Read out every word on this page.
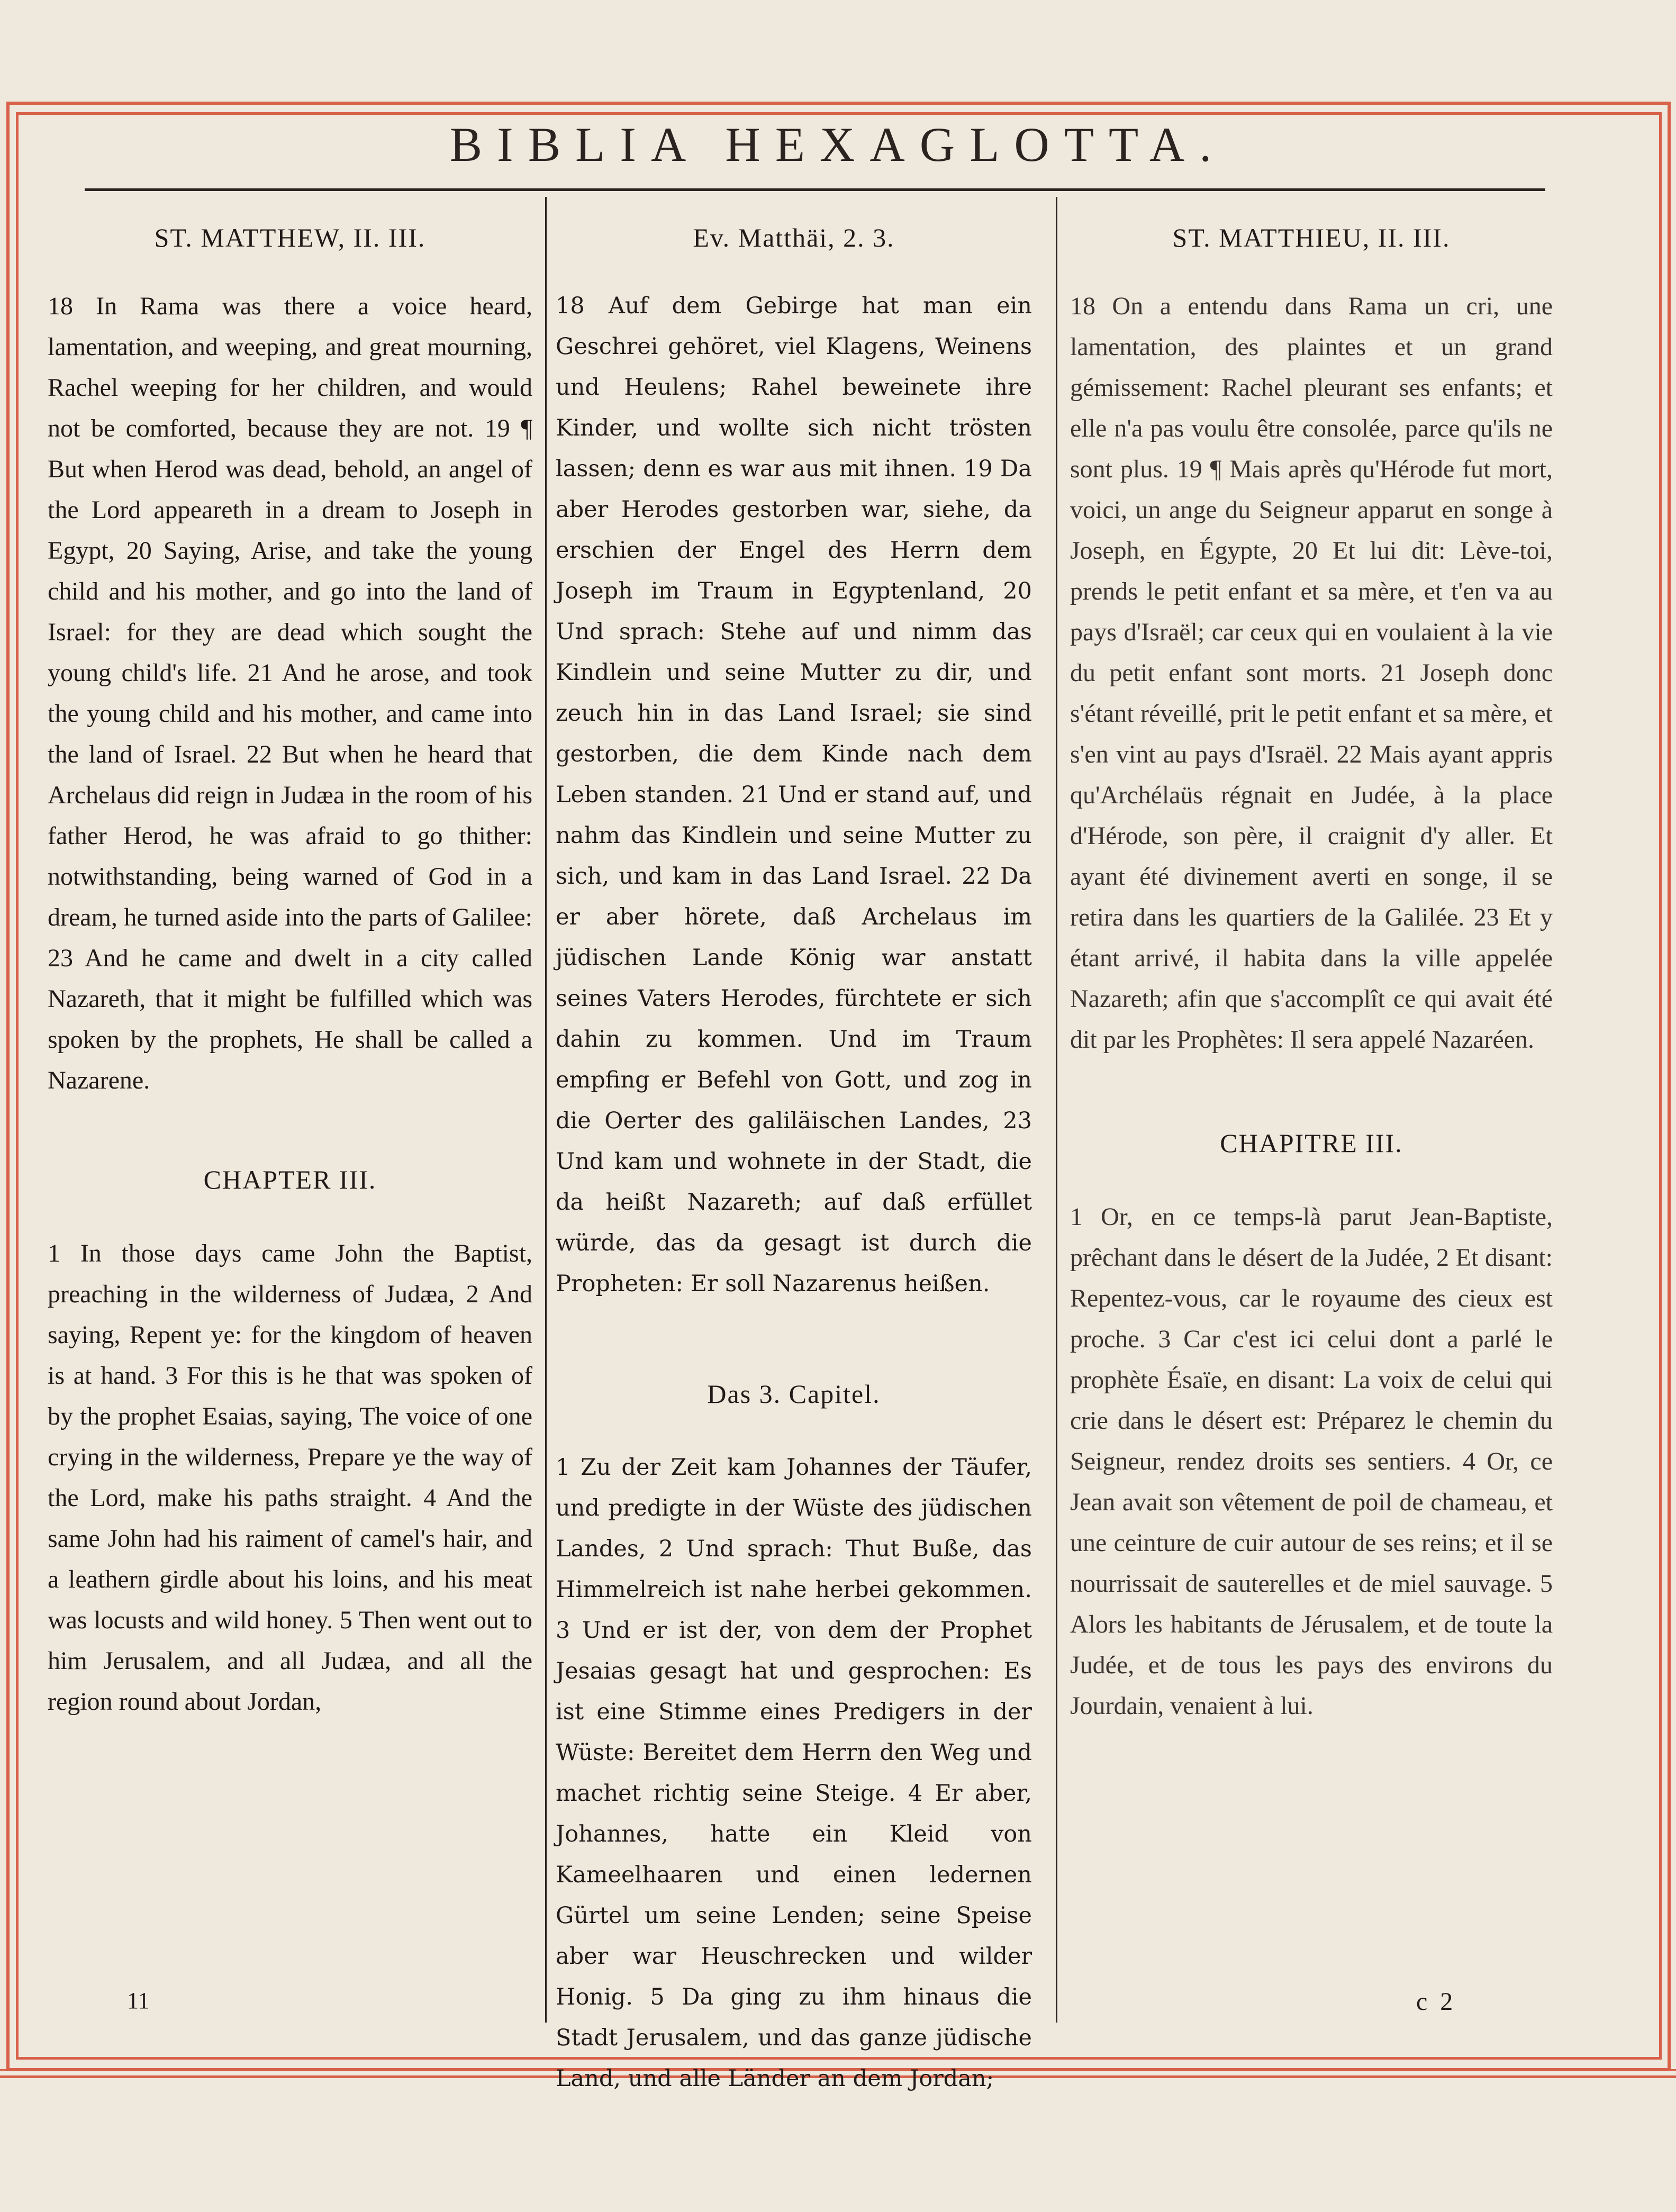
BIBLIA HEXAGLOTTA.
ST. MATTHEW, II. III.

18 In Rama was there a voice heard, lamentation, and weeping, and great mourning, Rachel weeping for her children, and would not be comforted, because they are not. 19 ¶ But when Herod was dead, behold, an angel of the Lord appeareth in a dream to Joseph in Egypt, 20 Saying, Arise, and take the young child and his mother, and go into the land of Israel: for they are dead which sought the young child's life. 21 And he arose, and took the young child and his mother, and came into the land of Israel. 22 But when he heard that Archelaus did reign in Judæa in the room of his father Herod, he was afraid to go thither: notwithstanding, being warned of God in a dream, he turned aside into the parts of Galilee: 23 And he came and dwelt in a city called Nazareth, that it might be fulfilled which was spoken by the prophets, He shall be called a Nazarene.

CHAPTER III.

1 In those days came John the Baptist, preaching in the wilderness of Judæa, 2 And saying, Repent ye: for the kingdom of heaven is at hand. 3 For this is he that was spoken of by the prophet Esaias, saying, The voice of one crying in the wilderness, Prepare ye the way of the Lord, make his paths straight. 4 And the same John had his raiment of camel's hair, and a leathern girdle about his loins, and his meat was locusts and wild honey. 5 Then went out to him Jerusalem, and all Judæa, and all the region round about Jordan,

Ev. Matthäi, 2. 3.

18 Auf dem Gebirge hat man ein Geschrei gehöret, viel Klagens, Weinens und Heulens; Rahel beweinete ihre Kinder, und wollte sich nicht trösten lassen; denn es war aus mit ihnen. 19 Da aber Herodes gestorben war, siehe, da erschien der Engel des Herrn dem Joseph im Traum in Egyptenland, 20 Und sprach: Stehe auf und nimm das Kindlein und seine Mutter zu dir, und zeuch hin in das Land Israel; sie sind gestorben, die dem Kinde nach dem Leben standen. 21 Und er stand auf, und nahm das Kindlein und seine Mutter zu sich, und kam in das Land Israel. 22 Da er aber hörete, daß Archelaus im jüdischen Lande König war anstatt seines Vaters Herodes, fürchtete er sich dahin zu kommen. Und im Traum empfing er Befehl von Gott, und zog in die Oerter des galiläischen Landes, 23 Und kam und wohnete in der Stadt, die da heißt Nazareth; auf daß erfüllet würde, das da gesagt ist durch die Propheten: Er soll Nazarenus heißen.

Das 3. Capitel.

1 Zu der Zeit kam Johannes der Täufer, und predigte in der Wüste des jüdischen Landes, 2 Und sprach: Thut Buße, das Himmelreich ist nahe herbei gekommen. 3 Und er ist der, von dem der Prophet Jesaias gesagt hat und gesprochen: Es ist eine Stimme eines Predigers in der Wüste: Bereitet dem Herrn den Weg und machet richtig seine Steige. 4 Er aber, Johannes, hatte ein Kleid von Kameelhaaren und einen ledernen Gürtel um seine Lenden; seine Speise aber war Heuschrecken und wilder Honig. 5 Da ging zu ihm hinaus die Stadt Jerusalem, und das ganze jüdische Land, und alle Länder an dem Jordan;

ST. MATTHIEU, II. III.

18 On a entendu dans Rama un cri, une lamentation, des plaintes et un grand gémissement: Rachel pleurant ses enfants; et elle n'a pas voulu être consolée, parce qu'ils ne sont plus. 19 ¶ Mais après qu'Hérode fut mort, voici, un ange du Seigneur apparut en songe à Joseph, en Égypte, 20 Et lui dit: Lève-toi, prends le petit enfant et sa mère, et t'en va au pays d'Israël; car ceux qui en voulaient à la vie du petit enfant sont morts. 21 Joseph donc s'étant réveillé, prit le petit enfant et sa mère, et s'en vint au pays d'Israël. 22 Mais ayant appris qu'Archélaüs régnait en Judée, à la place d'Hérode, son père, il craignit d'y aller. Et ayant été divinement averti en songe, il se retira dans les quartiers de la Galilée. 23 Et y étant arrivé, il habita dans la ville appelée Nazareth; afin que s'accomplît ce qui avait été dit par les Prophètes: Il sera appelé Nazaréen.

CHAPITRE III.

1 Or, en ce temps-là parut Jean-Baptiste, prêchant dans le désert de la Judée, 2 Et disant: Repentez-vous, car le royaume des cieux est proche. 3 Car c'est ici celui dont a parlé le prophète Ésaïe, en disant: La voix de celui qui crie dans le désert est: Préparez le chemin du Seigneur, rendez droits ses sentiers. 4 Or, ce Jean avait son vêtement de poil de chameau, et une ceinture de cuir autour de ses reins; et il se nourrissait de sauterelles et de miel sauvage. 5 Alors les habitants de Jérusalem, et de toute la Judée, et de tous les pays des environs du Jourdain, venaient à lui.

11	c 2
